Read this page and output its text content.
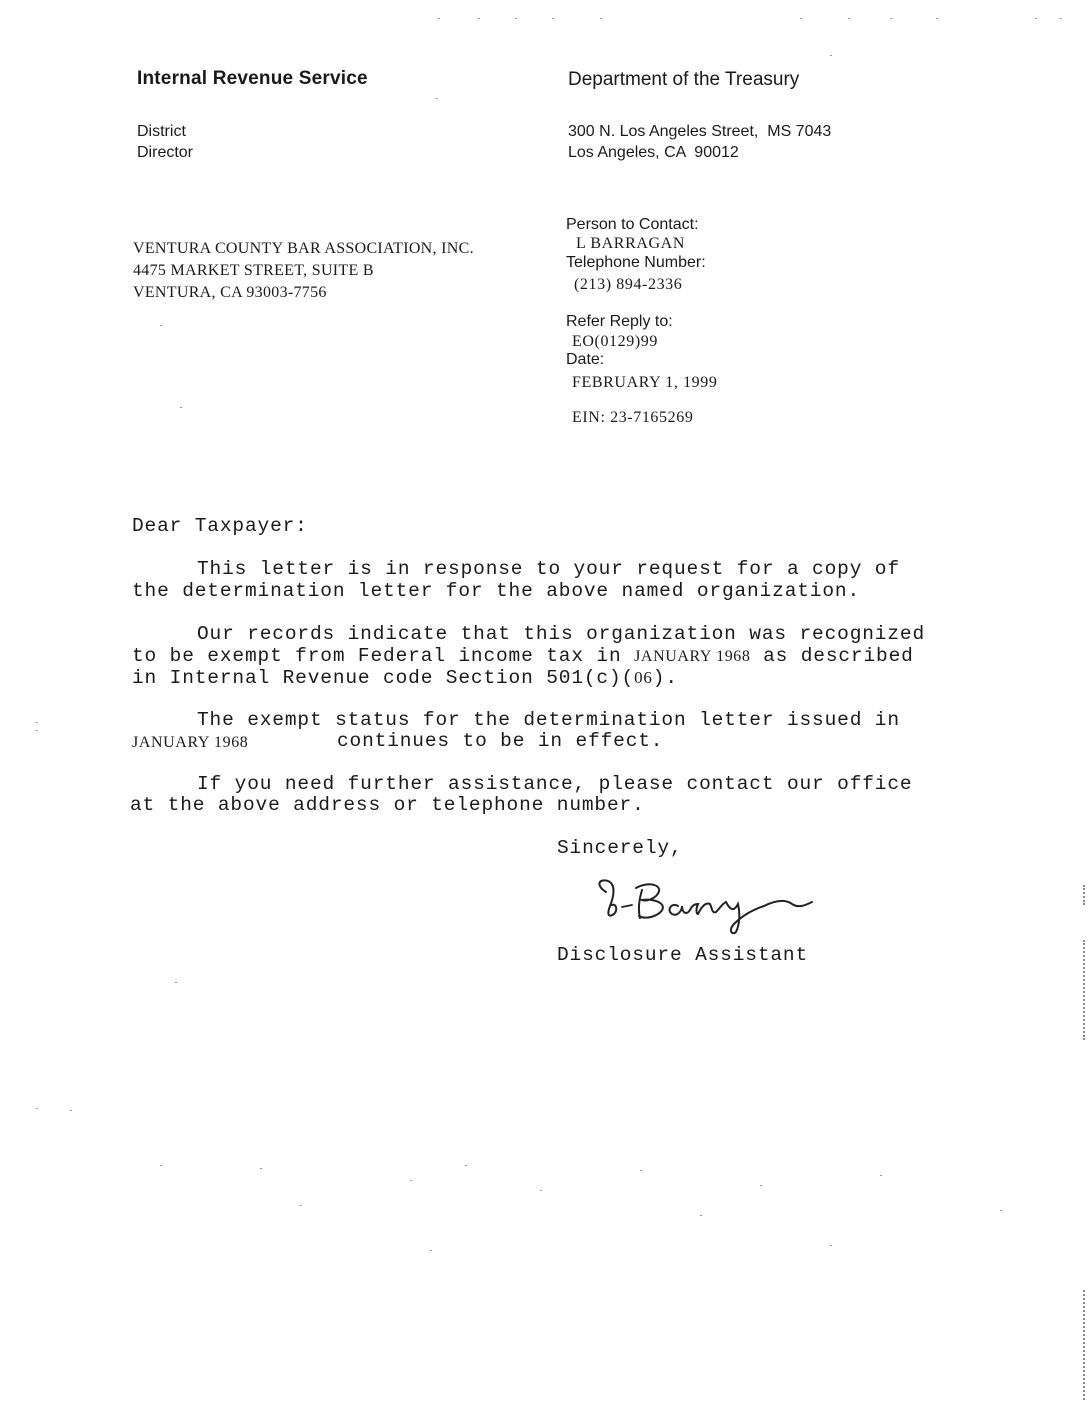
Internal Revenue Service
District
Director
Department of the Treasury
300 N. Los Angeles Street,  MS 7043
Los Angeles, CA  90012
VENTURA COUNTY BAR ASSOCIATION, INC.
4475 MARKET STREET, SUITE B
VENTURA, CA 93003-7756
Person to Contact:
L BARRAGAN
Telephone Number:
(213) 894-2336
Refer Reply to:
EO(0129)99
Date:
FEBRUARY 1, 1999
EIN: 23-7165269
Dear Taxpayer:
This letter is in response to your request for a copy of
the determination letter for the above named organization.
Our records indicate that this organization was recognized
to be exempt from Federal income tax in JANUARY 1968 as described
in Internal Revenue code Section 501(c)(06).
The exempt status for the determination letter issued in
JANUARY 1968	continues to be in effect.
If you need further assistance, please contact our office
at the above address or telephone number.
Sincerely,
Disclosure Assistant
